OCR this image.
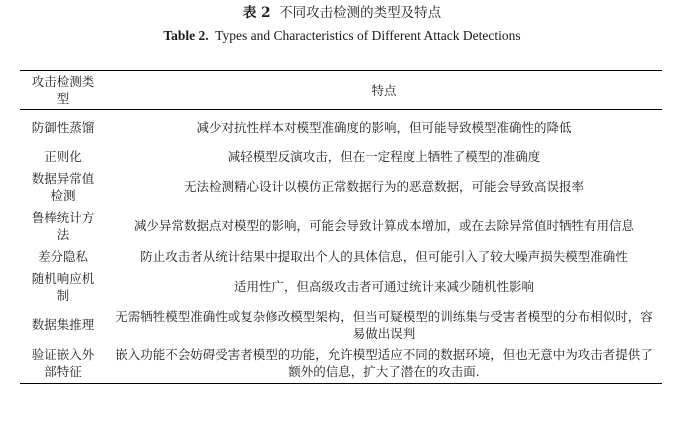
表 2 不同攻击检测的类型及特点
Table 2. Types and Characteristics of Different Attack Detections
攻击检测类型	特点
防御性蒸馏	减少对抗性样本对模型准确度的影响，但可能导致模型准确性的降低
正则化	减轻模型反演攻击，但在一定程度上牺牲了模型的准确度
数据异常值检测	无法检测精心设计以模仿正常数据行为的恶意数据，可能会导致高误报率
鲁棒统计方法	减少异常数据点对模型的影响，可能会导致计算成本增加，或在去除异常值时牺牲有用信息
差分隐私	防止攻击者从统计结果中提取出个人的具体信息，但可能引入了较大噪声损失模型准确性
随机响应机制	适用性广，但高级攻击者可通过统计来减少随机性影响
数据集推理	无需牺牲模型准确性或复杂修改模型架构，但当可疑模型的训练集与受害者模型的分布相似时，容易做出误判
验证嵌入外部特征	嵌入功能不会妨碍受害者模型的功能，允许模型适应不同的数据环境，但也无意中为攻击者提供了额外的信息，扩大了潜在的攻击面.
